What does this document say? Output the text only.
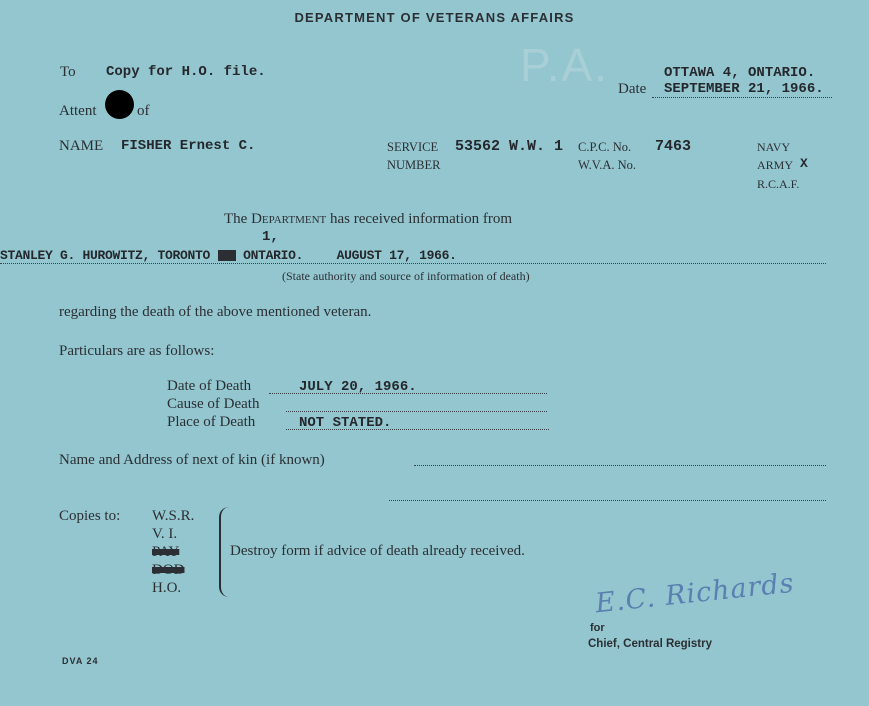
DEPARTMENT OF VETERANS AFFAIRS
P.A.
To Copy for H.O. file.	OTTAWA 4, ONTARIO.
Date SEPTEMBER 21, 1966.
Attent	of
NAME FISHER Ernest C.	SERVICE
NUMBER
53562 W.W. 1 C.P.C. No. 7463
W.V.A. No.
NAVY
ARMY X
R.C.A.F.
The Department has received information from
1,
STANLEY G. HUROWITZ, TORONTO	ONTARIO.	AUGUST 17, 1966.
(State authority and source of information of death)
regarding the death of the above mentioned veteran.
Particulars are as follows:
Date of Death	JULY 20, 1966.
Cause of Death
Place of Death	NOT STATED.
Name and Address of next of kin (if known)
Copies to: W.S.R.
V. I.
PAY
DOD
H.O.
Destroy form if advice of death already received.
E.C. Richards
for
Chief, Central Registry
DVA 24
